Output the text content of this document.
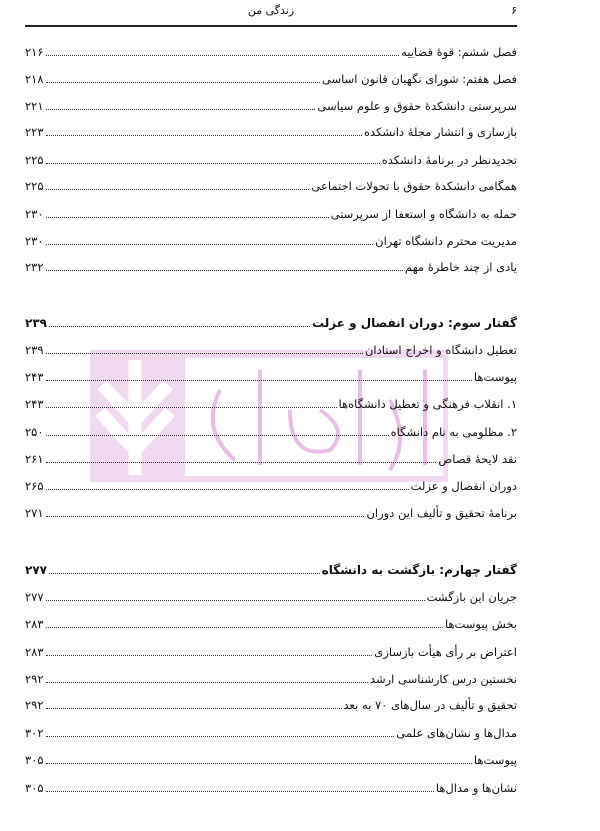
۶
زندگی من
فصل ششم: قوهٔ قضاییه
۲۱۶
فصل هفتم: شورای نگهبان قانون اساسی
۲۱۸
سرپرستی دانشکدهٔ حقوق و علوم سیاسی
۲۲۱
بازسازی و انتشار مجلهٔ دانشکده
۲۲۳
تجدیدنظر در برنامهٔ دانشکده
۲۲۵
همگامی دانشکدهٔ حقوق با تحولات اجتماعی
۲۲۵
حمله به دانشگاه و استعفا از سرپرستی
۲۳۰
مدیریت محترم دانشگاه تهران
۲۳۰
یادی از چند خاطرهٔ مهم
۲۳۲
گفتار سوم: دوران انفصال و عزلت
۲۳۹
تعطیل دانشگاه و اخراج استادان
۲۳۹
پیوست‌ها
۲۴۳
۱. انقلاب فرهنگی و تعطیل دانشگاه‌ها
۲۴۳
۲. مظلومی به نام دانشگاه
۲۵۰
نقد لایحهٔ قصاص
۲۶۱
دوران انفصال و عزلت
۲۶۵
برنامهٔ تحقیق و تألیف این دوران
۲۷۱
گفتار چهارم: بازگشت به دانشگاه
۲۷۷
جریان این بازگشت
۲۷۷
بخش پیوست‌ها
۲۸۳
اعتراض بر رأی هیأت بازسازی
۲۸۳
نخستین درس کارشناسی ارشد
۲۹۲
تحقیق و تألیف در سال‌های ۷۰ به بعد
۲۹۲
مدال‌ها و نشان‌های علمی
۳۰۲
پیوست‌ها
۳۰۵
نشان‌ها و مدال‌ها
۳۰۵
